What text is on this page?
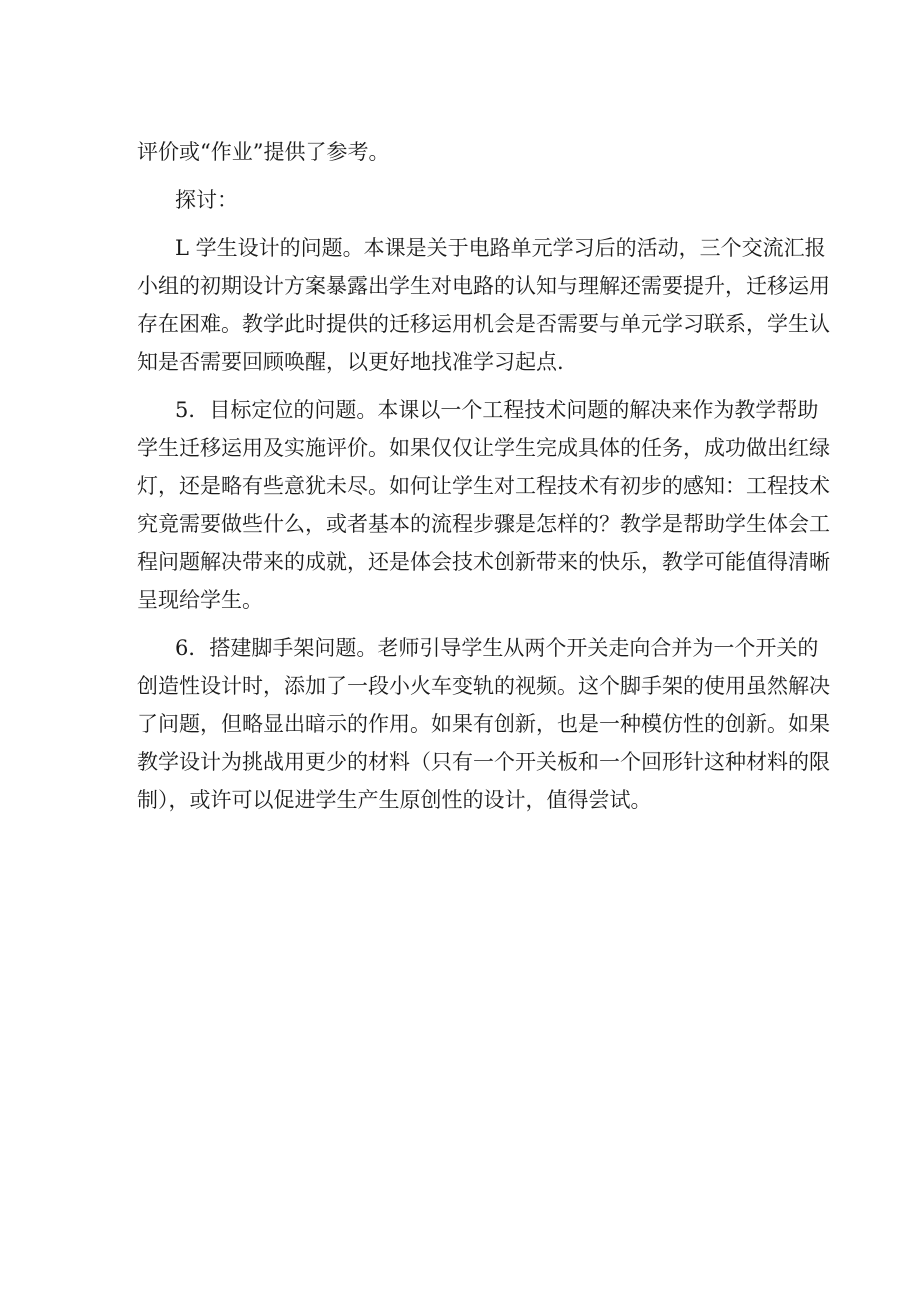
评价或“作业”提供了参考。
探讨：
L 学生设计的问题。本课是关于电路单元学习后的活动，三个交流汇报
小组的初期设计方案暴露出学生对电路的认知与理解还需要提升，迁移运用
存在困难。教学此时提供的迁移运用机会是否需要与单元学习联系，学生认
知是否需要回顾唤醒，以更好地找准学习起点.
5．目标定位的问题。本课以一个工程技术问题的解决来作为教学帮助
学生迁移运用及实施评价。如果仅仅让学生完成具体的任务，成功做出红绿
灯，还是略有些意犹未尽。如何让学生对工程技术有初步的感知：工程技术
究竟需要做些什么，或者基本的流程步骤是怎样的？教学是帮助学生体会工
程问题解决带来的成就，还是体会技术创新带来的快乐，教学可能值得清晰
呈现给学生。
6．搭建脚手架问题。老师引导学生从两个开关走向合并为一个开关的
创造性设计时，添加了一段小火车变轨的视频。这个脚手架的使用虽然解决
了问题，但略显出暗示的作用。如果有创新，也是一种模仿性的创新。如果
教学设计为挑战用更少的材料（只有一个开关板和一个回形针这种材料的限
制），或许可以促进学生产生原创性的设计，值得尝试。
